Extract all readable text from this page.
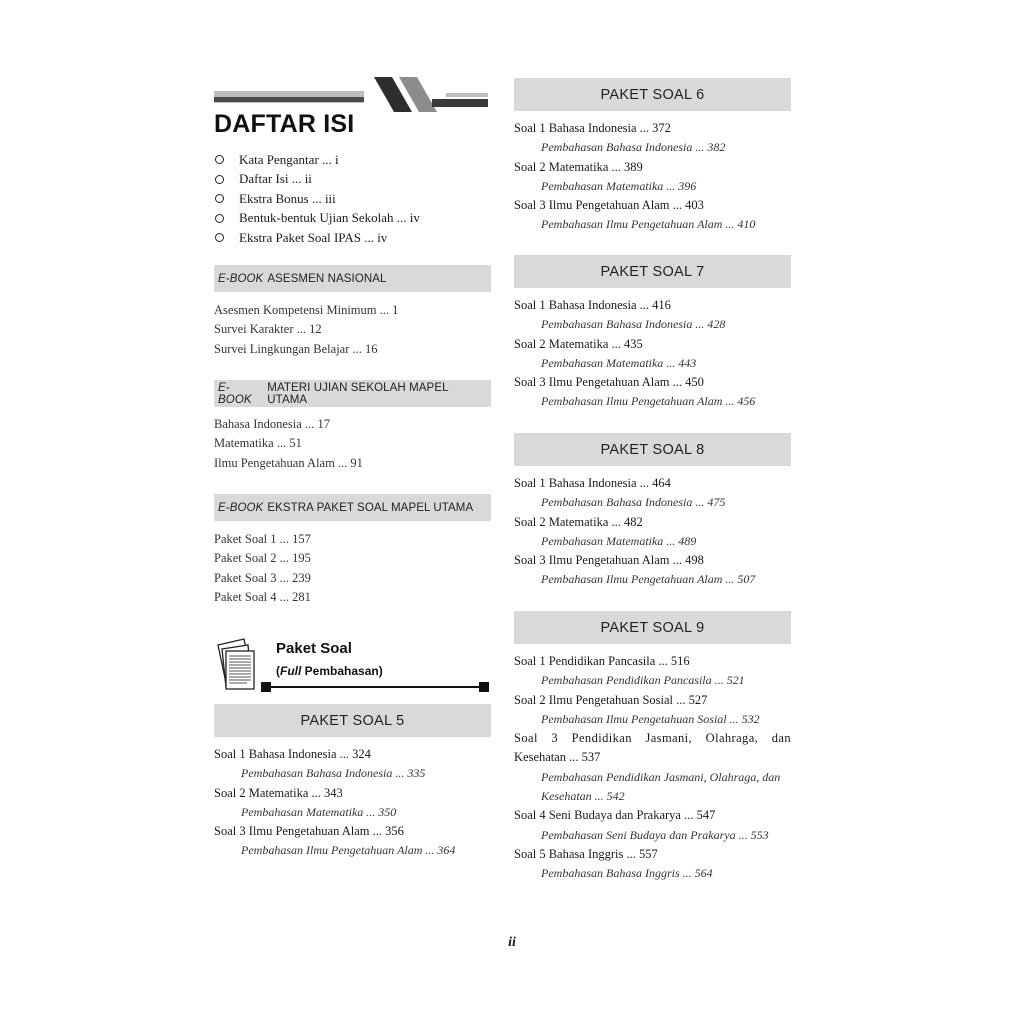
DAFTAR ISI
Kata Pengantar ... i
Daftar Isi ... ii
Ekstra Bonus ... iii
Bentuk-bentuk Ujian Sekolah ... iv
Ekstra Paket Soal IPAS ... iv
E-BOOK ASESMEN NASIONAL
Asesmen Kompetensi Minimum ... 1
Survei Karakter ... 12
Survei Lingkungan Belajar ... 16
E-BOOK
MATERI UJIAN SEKOLAH MAPEL UTAMA
Bahasa Indonesia ... 17
Matematika ... 51
Ilmu Pengetahuan Alam ... 91
E-BOOK EKSTRA PAKET SOAL MAPEL UTAMA
Paket Soal 1 ... 157
Paket Soal 2 ... 195
Paket Soal 3 ... 239
Paket Soal 4 ... 281
Paket Soal
(Full Pembahasan)
PAKET SOAL 5
Soal 1 Bahasa Indonesia ... 324
Pembahasan Bahasa Indonesia ... 335
Soal 2 Matematika ... 343
Pembahasan Matematika ... 350
Soal 3 Ilmu Pengetahuan Alam ... 356
Pembahasan Ilmu Pengetahuan Alam ... 364
PAKET SOAL 6
Soal 1 Bahasa Indonesia ... 372
Pembahasan Bahasa Indonesia ... 382
Soal 2 Matematika ... 389
Pembahasan Matematika ... 396
Soal 3 Ilmu Pengetahuan Alam ... 403
Pembahasan Ilmu Pengetahuan Alam ... 410
PAKET SOAL 7
Soal 1 Bahasa Indonesia ... 416
Pembahasan Bahasa Indonesia ... 428
Soal 2 Matematika ... 435
Pembahasan Matematika ... 443
Soal 3 Ilmu Pengetahuan Alam ... 450
Pembahasan Ilmu Pengetahuan Alam ... 456
PAKET SOAL 8
Soal 1 Bahasa Indonesia ... 464
Pembahasan Bahasa Indonesia ... 475
Soal 2 Matematika ... 482
Pembahasan Matematika ... 489
Soal 3 Ilmu Pengetahuan Alam ... 498
Pembahasan Ilmu Pengetahuan Alam ... 507
PAKET SOAL 9
Soal 1 Pendidikan Pancasila ... 516
Pembahasan Pendidikan Pancasila ... 521
Soal 2 Ilmu Pengetahuan Sosial ... 527
Pembahasan Ilmu Pengetahuan Sosial ... 532
Soal 3 Pendidikan Jasmani, Olahraga, dan
Kesehatan ... 537
Pembahasan Pendidikan Jasmani, Olahraga, dan
Kesehatan ... 542
Soal 4 Seni Budaya dan Prakarya ... 547
Pembahasan Seni Budaya dan Prakarya ... 553
Soal 5 Bahasa Inggris ... 557
Pembahasan Bahasa Inggris ... 564
ii
